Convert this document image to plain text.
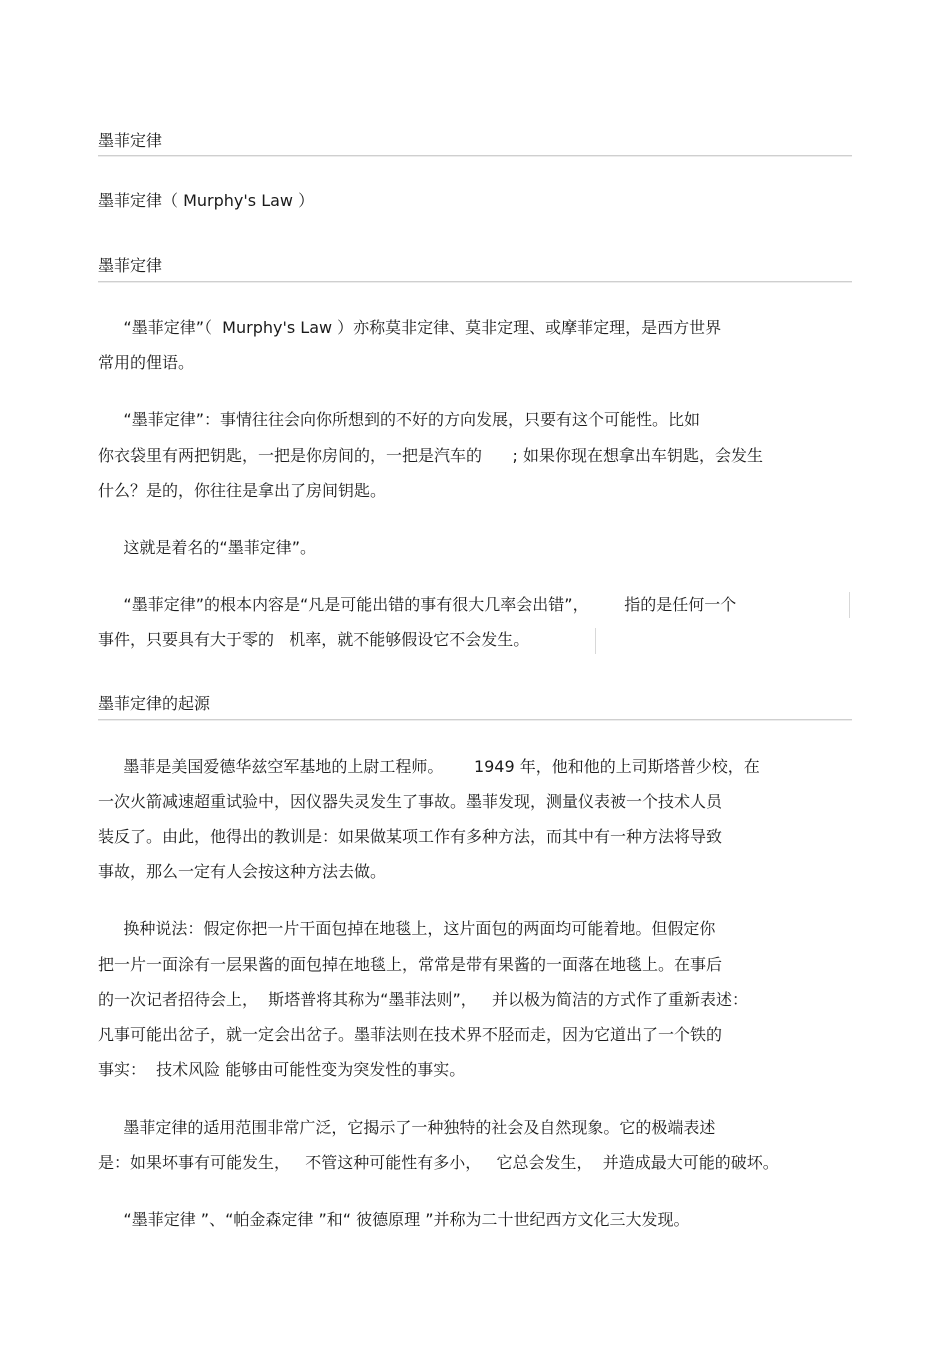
墨菲定律
墨菲定律（ Murphy's Law ）
墨菲定律
“墨菲定律”（  Murphy's Law ）亦称莫非定律、莫非定理、或摩菲定理，是西方世界
常用的俚语。
“墨菲定律”：事情往往会向你所想到的不好的方向发展，只要有这个可能性。比如
你衣袋里有两把钥匙，一把是你房间的，一把是汽车的      ; 如果你现在想拿出车钥匙，会发生
什么？是的，你往往是拿出了房间钥匙。
这就是着名的“墨菲定律”。
“墨菲定律”的根本内容是“凡是可能出错的事有很大几率会出错”，       指的是任何一个
事件，只要具有大于零的   机率，就不能够假设它不会发生。
墨菲定律的起源
墨菲是美国爱德华兹空军基地的上尉工程师。      1949 年，他和他的上司斯塔普少校，在
一次火箭减速超重试验中，因仪器失灵发生了事故。墨菲发现，测量仪表被一个技术人员
装反了。由此，他得出的教训是：如果做某项工作有多种方法，而其中有一种方法将导致
事故，那么一定有人会按这种方法去做。
换种说法：假定你把一片干面包掉在地毯上，这片面包的两面均可能着地。但假定你
把一片一面涂有一层果酱的面包掉在地毯上，常常是带有果酱的一面落在地毯上。在事后
的一次记者招待会上，  斯塔普将其称为“墨菲法则”，   并以极为简洁的方式作了重新表述：
凡事可能出岔子，就一定会出岔子。墨菲法则在技术界不胫而走，因为它道出了一个铁的
事实：  技术风险 能够由可能性变为突发性的事实。
墨菲定律的适用范围非常广泛，它揭示了一种独特的社会及自然现象。它的极端表述
是：如果坏事有可能发生，   不管这种可能性有多小，   它总会发生，  并造成最大可能的破坏。
“墨菲定律 ”、“帕金森定律 ”和“ 彼德原理 ”并称为二十世纪西方文化三大发现。
